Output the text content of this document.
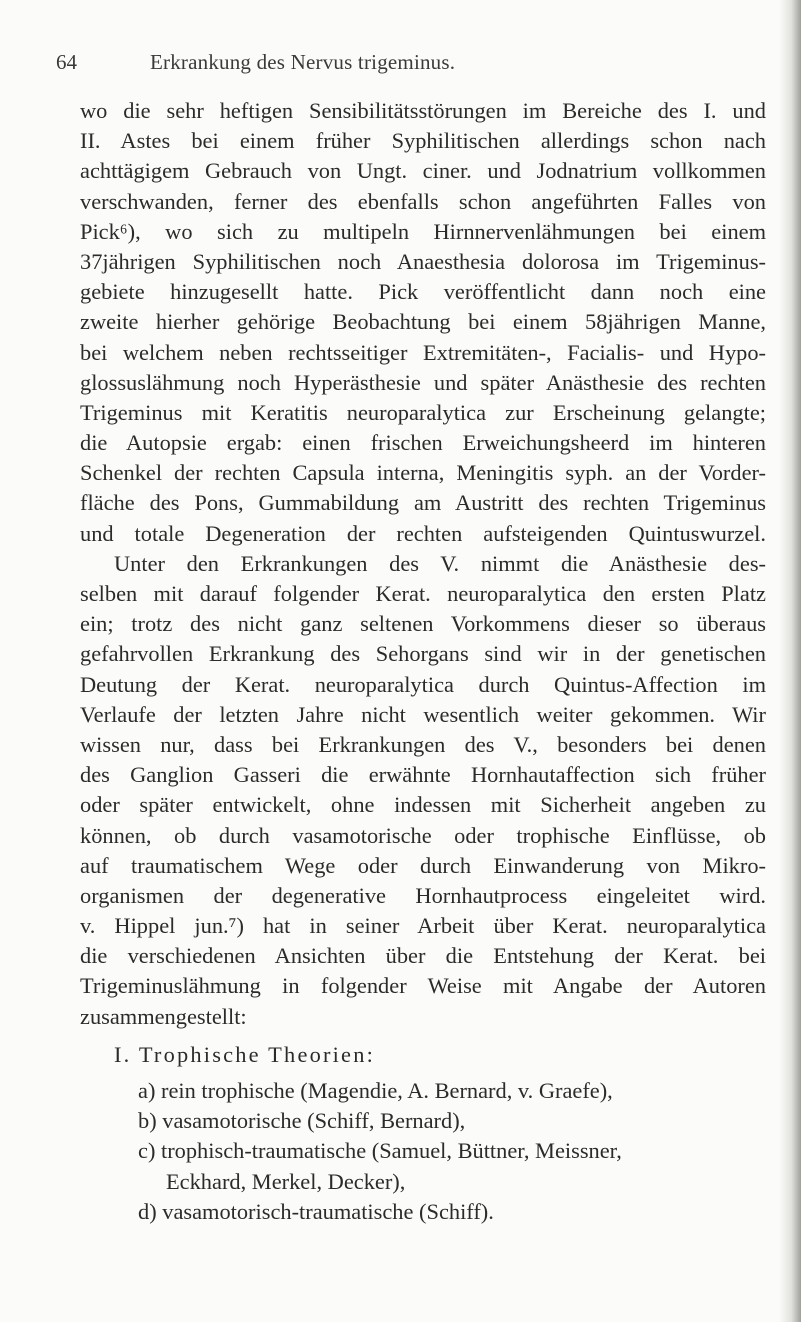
64	Erkrankung des Nervus trigeminus.
wo die sehr heftigen Sensibilitätsstörungen im Bereiche des I. und
II. Astes bei einem früher Syphilitischen allerdings schon nach
achttägigem Gebrauch von Ungt. ciner. und Jodnatrium vollkommen
verschwanden, ferner des ebenfalls schon angeführten Falles von
Pick⁶), wo sich zu multipeln Hirnnervenlähmungen bei einem
37jährigen Syphilitischen noch Anaesthesia dolorosa im Trigeminus-
gebiete hinzugesellt hatte. Pick veröffentlicht dann noch eine
zweite hierher gehörige Beobachtung bei einem 58jährigen Manne,
bei welchem neben rechtsseitiger Extremitäten-, Facialis- und Hypo-
glossuslähmung noch Hyperästhesie und später Anästhesie des rechten
Trigeminus mit Keratitis neuroparalytica zur Erscheinung gelangte;
die Autopsie ergab: einen frischen Erweichungsheerd im hinteren
Schenkel der rechten Capsula interna, Meningitis syph. an der Vorder-
fläche des Pons, Gummabildung am Austritt des rechten Trigeminus
und totale Degeneration der rechten aufsteigenden Quintuswurzel.
Unter den Erkrankungen des V. nimmt die Anästhesie des-
selben mit darauf folgender Kerat. neuroparalytica den ersten Platz
ein; trotz des nicht ganz seltenen Vorkommens dieser so überaus
gefahrvollen Erkrankung des Sehorgans sind wir in der genetischen
Deutung der Kerat. neuroparalytica durch Quintus-Affection im
Verlaufe der letzten Jahre nicht wesentlich weiter gekommen. Wir
wissen nur, dass bei Erkrankungen des V., besonders bei denen
des Ganglion Gasseri die erwähnte Hornhautaffection sich früher
oder später entwickelt, ohne indessen mit Sicherheit angeben zu
können, ob durch vasamotorische oder trophische Einflüsse, ob
auf traumatischem Wege oder durch Einwanderung von Mikro-
organismen der degenerative Hornhautprocess eingeleitet wird.
v. Hippel jun.⁷) hat in seiner Arbeit über Kerat. neuroparalytica
die verschiedenen Ansichten über die Entstehung der Kerat. bei
Trigeminuslähmung in folgender Weise mit Angabe der Autoren
zusammengestellt:
I. Trophische Theorien:
a) rein trophische (Magendie, A. Bernard, v. Graefe),
b) vasamotorische (Schiff, Bernard),
c) trophisch-traumatische (Samuel, Büttner, Meissner,
Eckhard, Merkel, Decker),
d) vasamotorisch-traumatische (Schiff).
